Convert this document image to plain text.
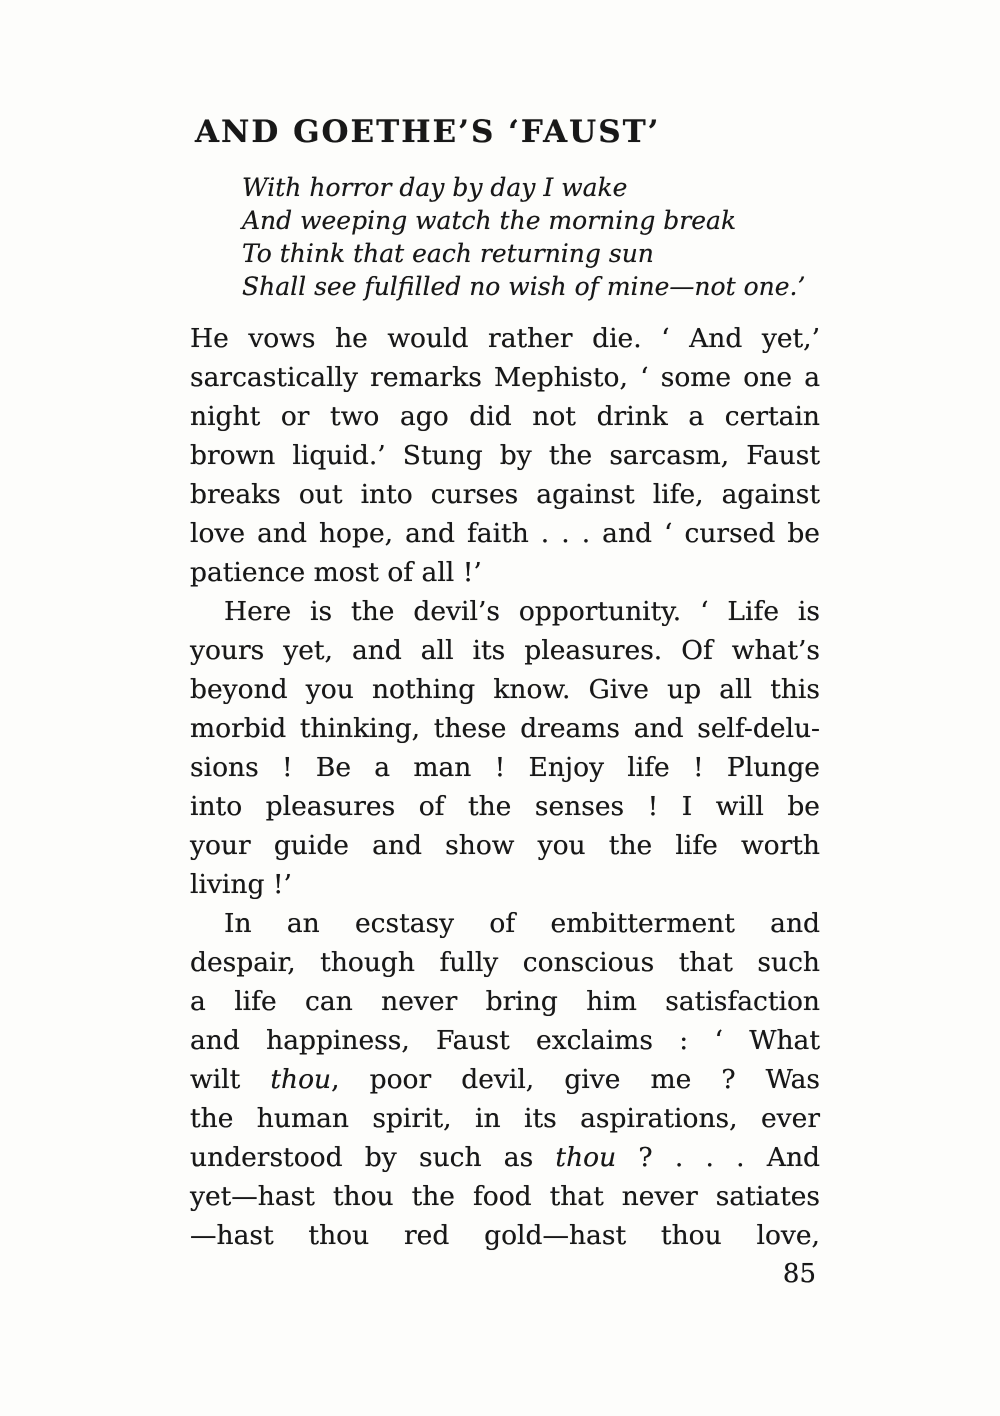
AND GOETHE’S ‘FAUST’
With horror day by day I wake
And weeping watch the morning break
To think that each returning sun
Shall see fulfilled no wish of mine—not one.’
He vows he would rather die. ‘ And yet,’
sarcastically remarks Mephisto, ‘ some one a
night or two ago did not drink a certain
brown liquid.’ Stung by the sarcasm, Faust
breaks out into curses against life, against
love and hope, and faith . . . and ‘ cursed be
patience most of all !’
Here is the devil’s opportunity. ‘ Life is
yours yet, and all its pleasures. Of what’s
beyond you nothing know. Give up all this
morbid thinking, these dreams and self-delu-
sions ! Be a man ! Enjoy life ! Plunge
into pleasures of the senses ! I will be
your guide and show you the life worth
living !’
In an ecstasy of embitterment and
despair, though fully conscious that such
a life can never bring him satisfaction
and happiness, Faust exclaims : ‘ What
wilt thou, poor devil, give me ? Was
the human spirit, in its aspirations, ever
understood by such as thou ? . . . And
yet—hast thou the food that never satiates
—hast thou red gold—hast thou love,
85
